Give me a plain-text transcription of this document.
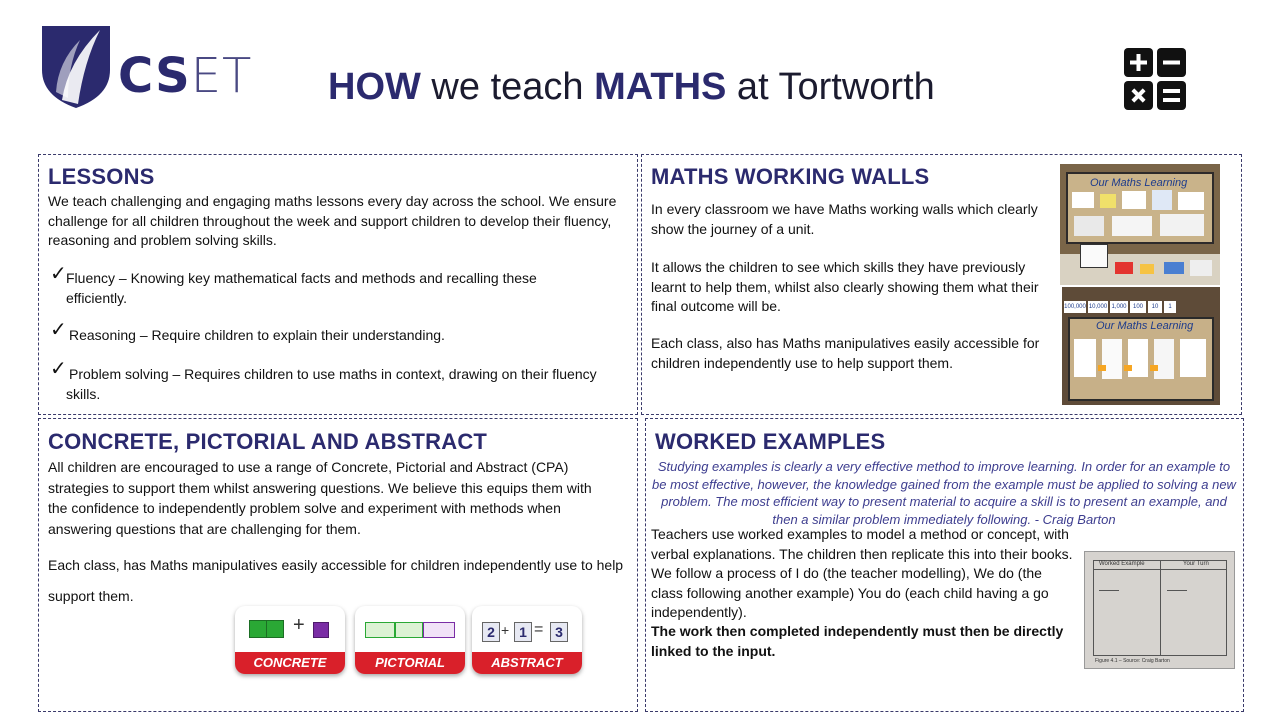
CSET HOW we teach MATHS at Tortworth
LESSONS
We teach challenging and engaging maths lessons every day across the school. We ensure challenge for all children throughout the week and support children to develop their fluency, reasoning and problem solving skills.
✓ Fluency – Knowing key mathematical facts and methods and recalling these
efficiently.
✓ Reasoning – Require children to explain their understanding.
✓ Problem solving – Requires children to use maths in context, drawing on their fluency
skills.
MATHS WORKING WALLS
In every classroom we have Maths working walls which clearly show the journey of a unit.
It allows the children to see which skills they have previously learnt to help them, whilst also clearly showing them what their final outcome will be.
Each class, also has Maths manipulatives easily accessible for children independently use to help support them.
Our Maths Learning
100,000 10,000 1,000	100	10	1
Our Maths Learning
CONCRETE, PICTORIAL AND ABSTRACT
All children are encouraged to use a range of Concrete, Pictorial and Abstract (CPA) strategies to support them whilst answering questions. We believe this equips them with the confidence to independently problem solve and experiment with methods when answering questions that are challenging for them.
Each class, has Maths manipulatives easily accessible for children independently use to help support them.
+
CONCRETE	PICTORIAL
2 + 1 = 3
ABSTRACT
WORKED EXAMPLES
Studying examples is clearly a very effective method to improve learning. In order for an example to be most effective, however, the knowledge gained from the example must be applied to solving a new problem. The most efficient way to present material to acquire a skill is to present an example, and then a similar problem immediately following. - Craig Barton
Teachers use worked examples to model a method or concept, with verbal explanations. The children then replicate this into their books. We follow a process of I do (the teacher modelling), We do (the class following another example) You do (each child having a go independently).
The work then completed independently must then be directly linked to the input.
Worked Example	Your Turn
Figure 4.1 – Source: Craig Barton
